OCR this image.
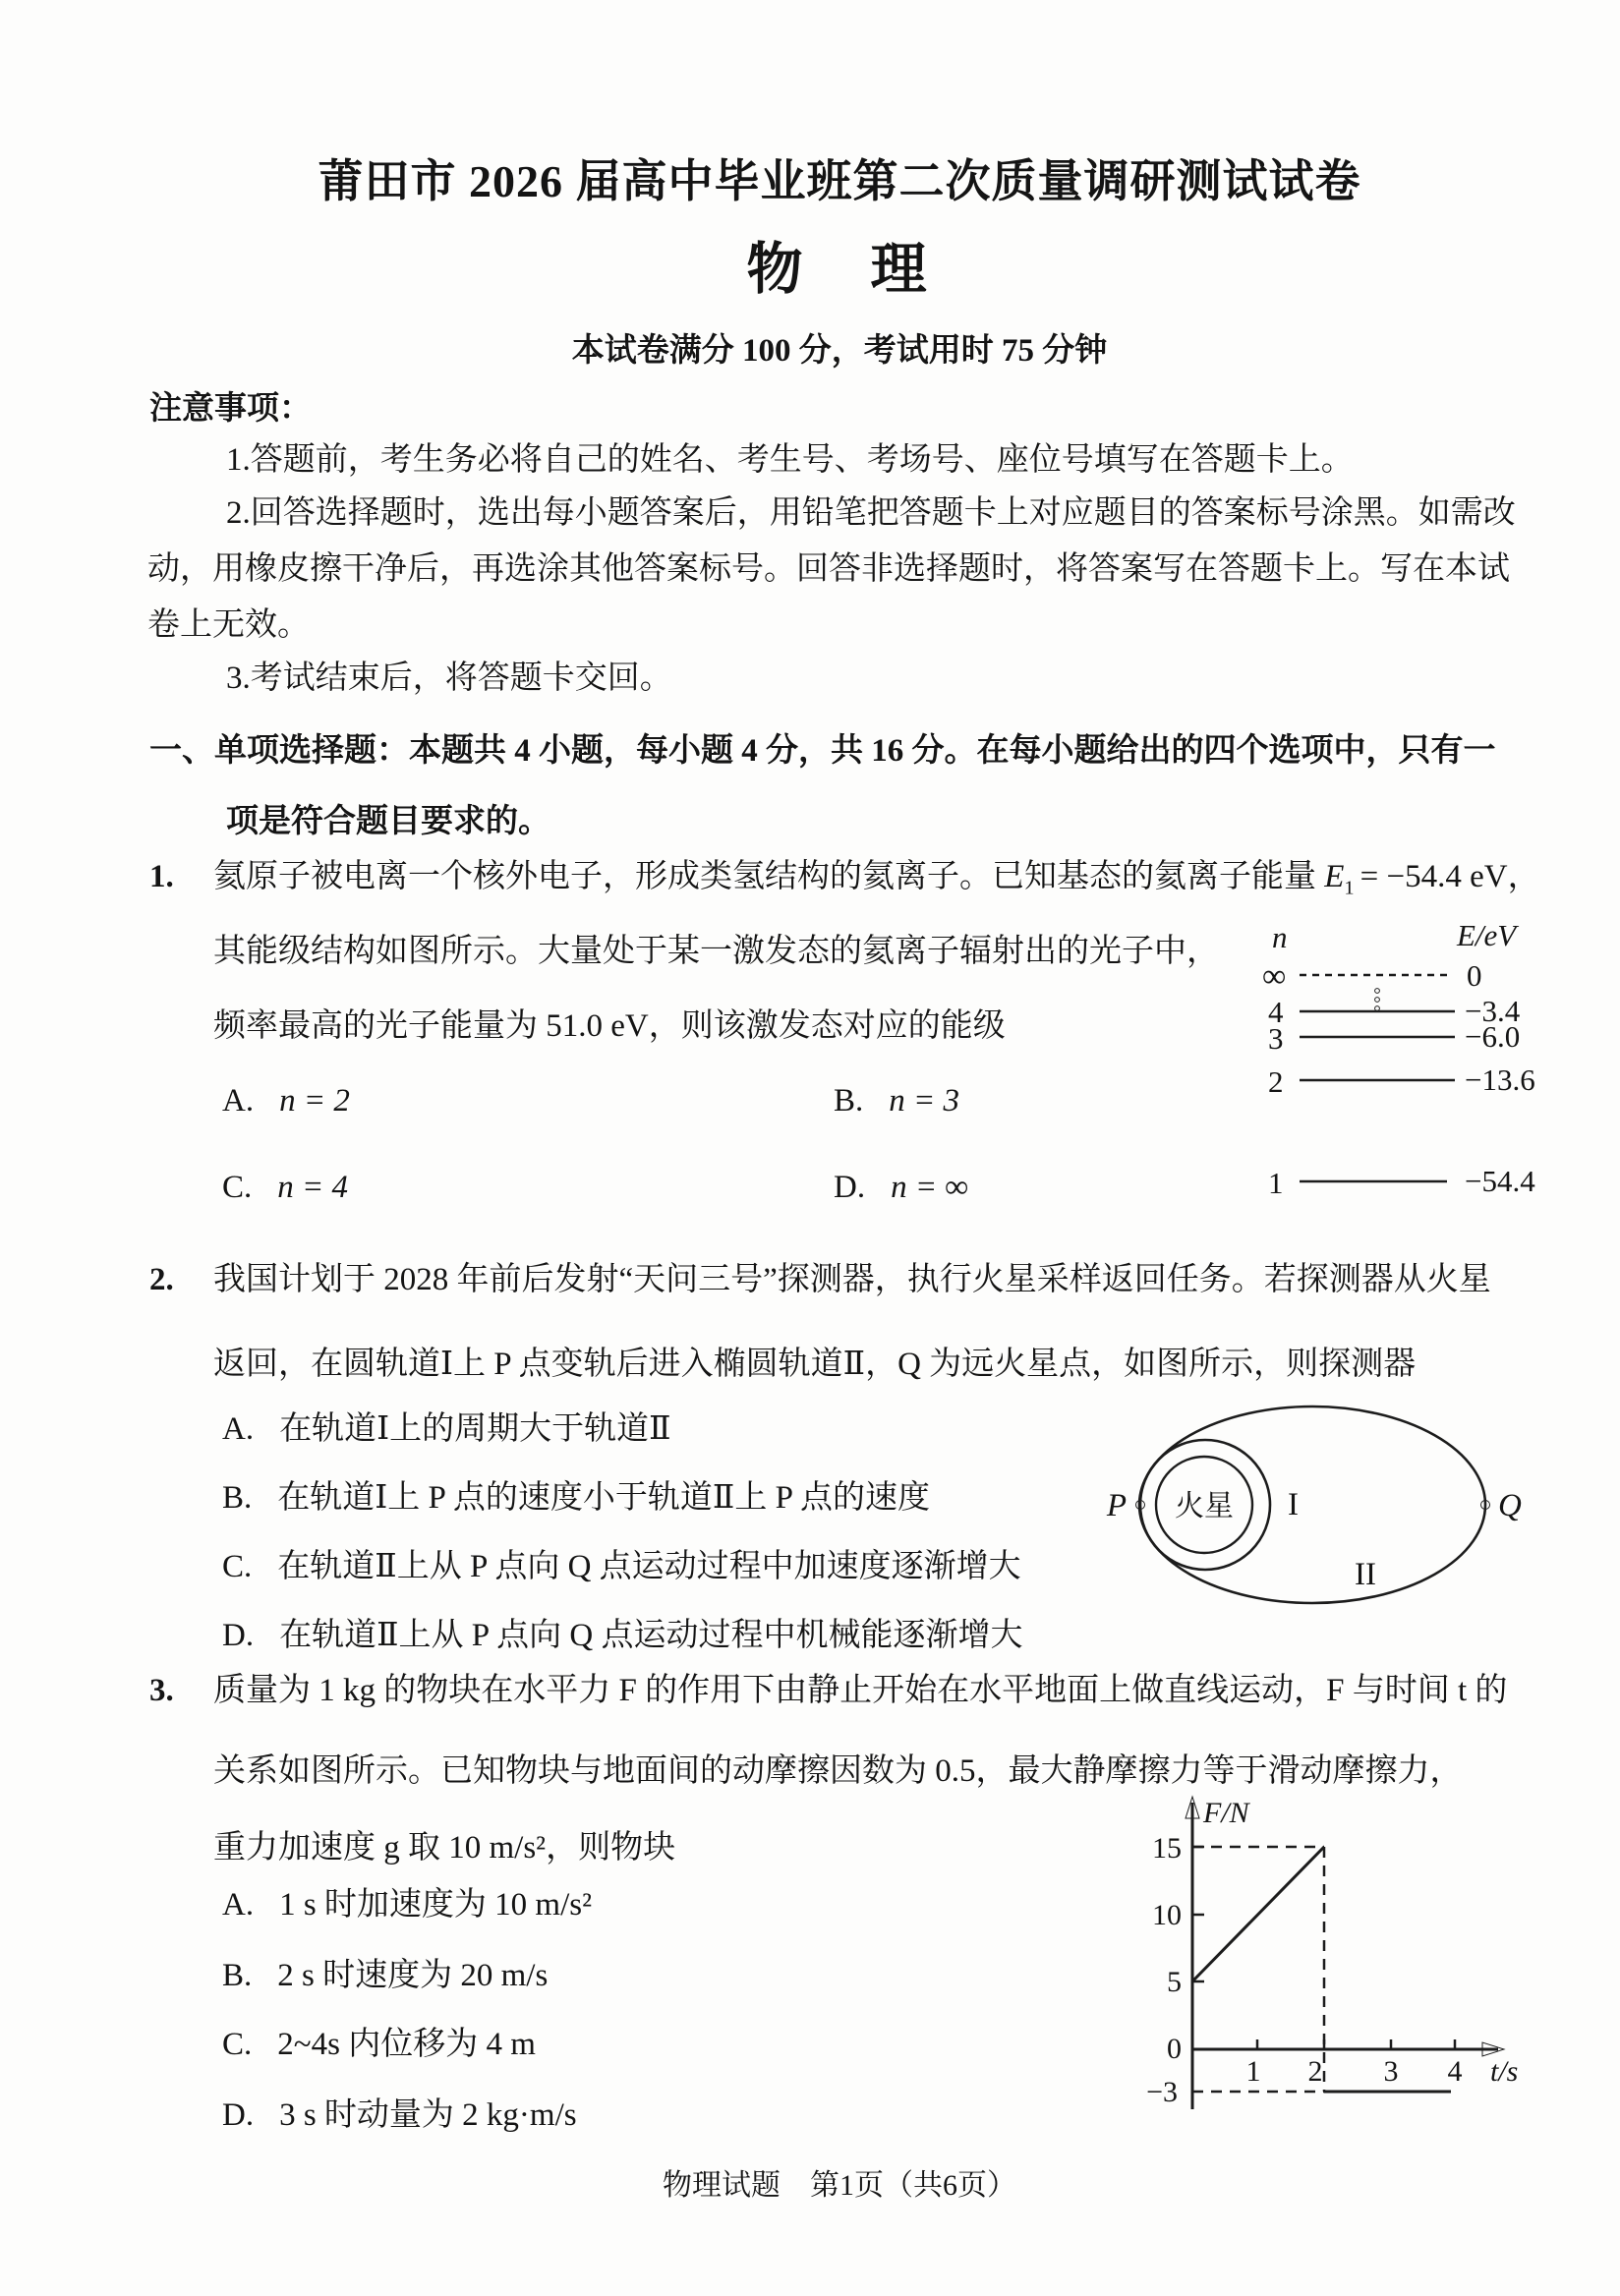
莆田市 2026 届高中毕业班第二次质量调研测试试卷
物　理
本试卷满分 100 分，考试用时 75 分钟
注意事项：
1.答题前，考生务必将自己的姓名、考生号、考场号、座位号填写在答题卡上。
2.回答选择题时，选出每小题答案后，用铅笔把答题卡上对应题目的答案标号涂黑。如需改
动，用橡皮擦干净后，再选涂其他答案标号。回答非选择题时，将答案写在答题卡上。写在本试
卷上无效。
3.考试结束后，将答题卡交回。
一、单项选择题：本题共 4 小题，每小题 4 分，共 16 分。在每小题给出的四个选项中，只有一
项是符合题目要求的。
1. 氦原子被电离一个核外电子，形成类氢结构的氦离子。已知基态的氦离子能量 $E_1 = -54.4$ eV，
其能级结构如图所示。大量处于某一激发态的氦离子辐射出的光子中，
频率最高的光子能量为 51.0 eV，则该激发态对应的能级
A. n = 2	B. n = 3
C. n = 4	D. n = ∞
n	E/eV
∞	0
4	−3.4
3	−6.0
2	−13.6
1	−54.4
2. 我国计划于 2028 年前后发射“天问三号”探测器，执行火星采样返回任务。若探测器从火星
返回，在圆轨道Ⅰ上 P 点变轨后进入椭圆轨道Ⅱ，Q 为远火星点，如图所示，则探测器
A. 在轨道Ⅰ上的周期大于轨道Ⅱ
B. 在轨道Ⅰ上 P 点的速度小于轨道Ⅱ上 P 点的速度
C. 在轨道Ⅱ上从 P 点向 Q 点运动过程中加速度逐渐增大
D. 在轨道Ⅱ上从 P 点向 Q 点运动过程中机械能逐渐增大
火星
P	Q
I
II
3. 质量为 1 kg 的物块在水平力 F 的作用下由静止开始在水平地面上做直线运动，F 与时间 t 的
关系如图所示。已知物块与地面间的动摩擦因数为 0.5，最大静摩擦力等于滑动摩擦力，
重力加速度 g 取 10 m/s²，则物块
A. 1 s 时加速度为 10 m/s²
B. 2 s 时速度为 20 m/s
C. 2~4s 内位移为 4 m
D. 3 s 时动量为 2 kg·m/s
F/N
t/s
15
10
5
0
−3
1 2 3 4
物理试题　第1页（共6页）
